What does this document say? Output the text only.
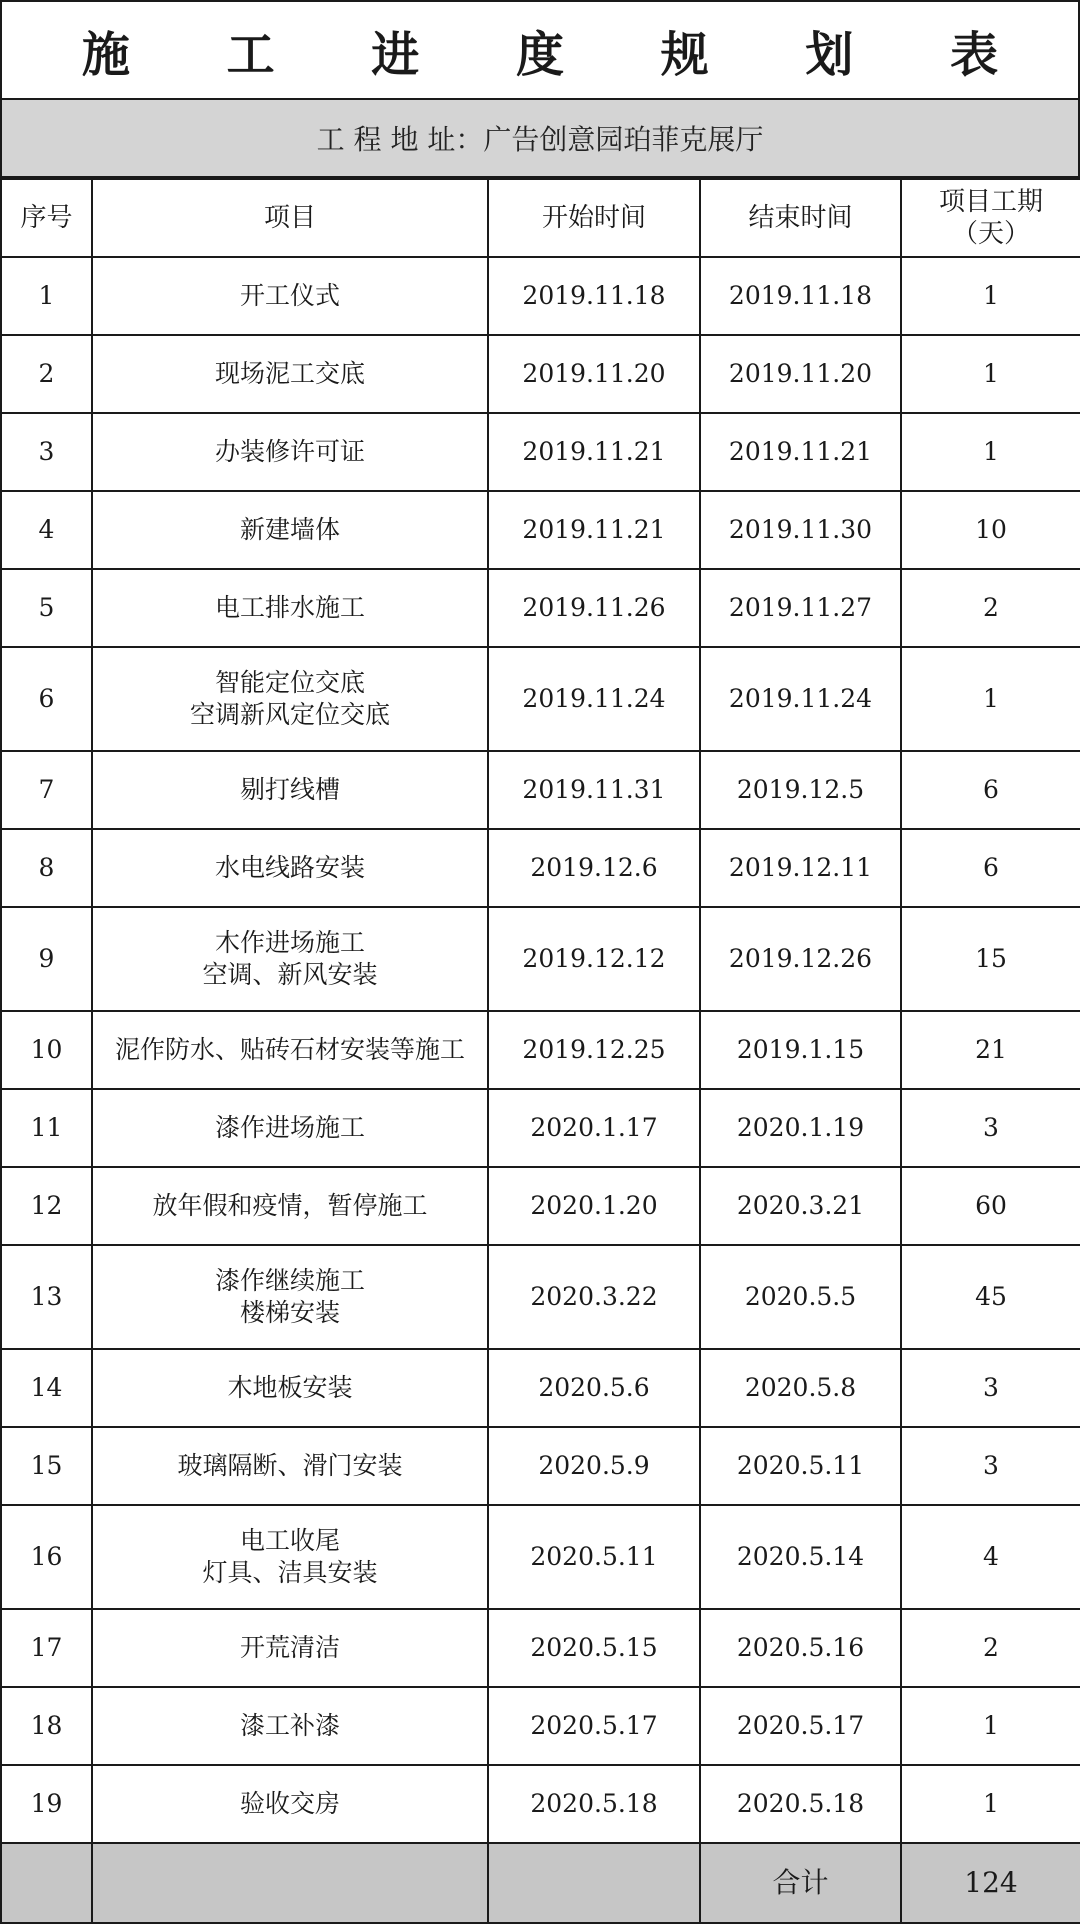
施 工 进 度 规 划 表
工 程 地 址：广告创意园珀菲克展厅
序号	项目	开始时间	结束时间	项目工期
（天）

1	开工仪式	2019.11.18	2019.11.18	1
2	现场泥工交底	2019.11.20	2019.11.20	1
3	办装修许可证	2019.11.21	2019.11.21	1
4	新建墙体	2019.11.21	2019.11.30	10
5	电工排水施工	2019.11.26	2019.11.27	2
6	智能定位交底
空调新风定位交底	2019.11.24	2019.11.24	1
7	剔打线槽	2019.11.31	2019.12.5	6
8	水电线路安装	2019.12.6	2019.12.11	6
9	木作进场施工
空调、新风安装	2019.12.12	2019.12.26	15
10	泥作防水、贴砖石材安装等施工	2019.12.25	2019.1.15	21
11	漆作进场施工	2020.1.17	2020.1.19	3
12	放年假和疫情，暂停施工	2020.1.20	2020.3.21	60
13	漆作继续施工
楼梯安装	2020.3.22	2020.5.5	45
14	木地板安装	2020.5.6	2020.5.8	3
15	玻璃隔断、滑门安装	2020.5.9	2020.5.11	3
16	电工收尾
灯具、洁具安装	2020.5.11	2020.5.14	4
17	开荒清洁	2020.5.15	2020.5.16	2
18	漆工补漆	2020.5.17	2020.5.17	1
19	验收交房	2020.5.18	2020.5.18	1
			合计	124
